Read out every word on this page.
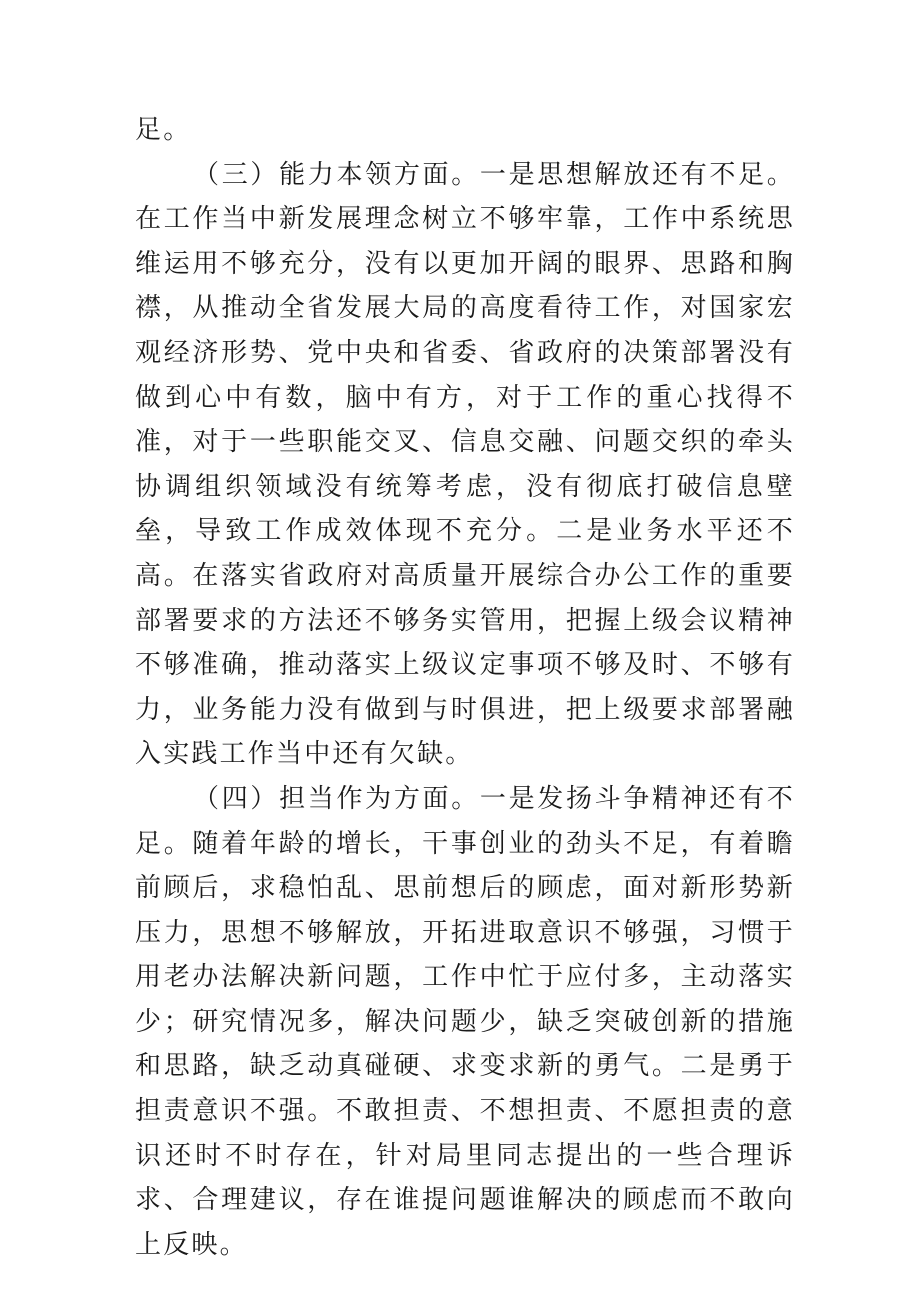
足。

（三）能力本领方面。一是思想解放还有不足。在工作当中新发展理念树立不够牢靠，工作中系统思维运用不够充分，没有以更加开阔的眼界、思路和胸襟，从推动全省发展大局的高度看待工作，对国家宏观经济形势、党中央和省委、省政府的决策部署没有做到心中有数，脑中有方，对于工作的重心找得不准，对于一些职能交叉、信息交融、问题交织的牵头协调组织领域没有统筹考虑，没有彻底打破信息壁垒，导致工作成效体现不充分。二是业务水平还不高。在落实省政府对高质量开展综合办公工作的重要部署要求的方法还不够务实管用，把握上级会议精神不够准确，推动落实上级议定事项不够及时、不够有力，业务能力没有做到与时俱进，把上级要求部署融入实践工作当中还有欠缺。

（四）担当作为方面。一是发扬斗争精神还有不足。随着年龄的增长，干事创业的劲头不足，有着瞻前顾后，求稳怕乱、思前想后的顾虑，面对新形势新压力，思想不够解放，开拓进取意识不够强，习惯于用老办法解决新问题，工作中忙于应付多，主动落实少；研究情况多，解决问题少，缺乏突破创新的措施和思路，缺乏动真碰硬、求变求新的勇气。二是勇于担责意识不强。不敢担责、不想担责、不愿担责的意识还时不时存在，针对局里同志提出的一些合理诉求、合理建议，存在谁提问题谁解决的顾虑而不敢向上反映。
